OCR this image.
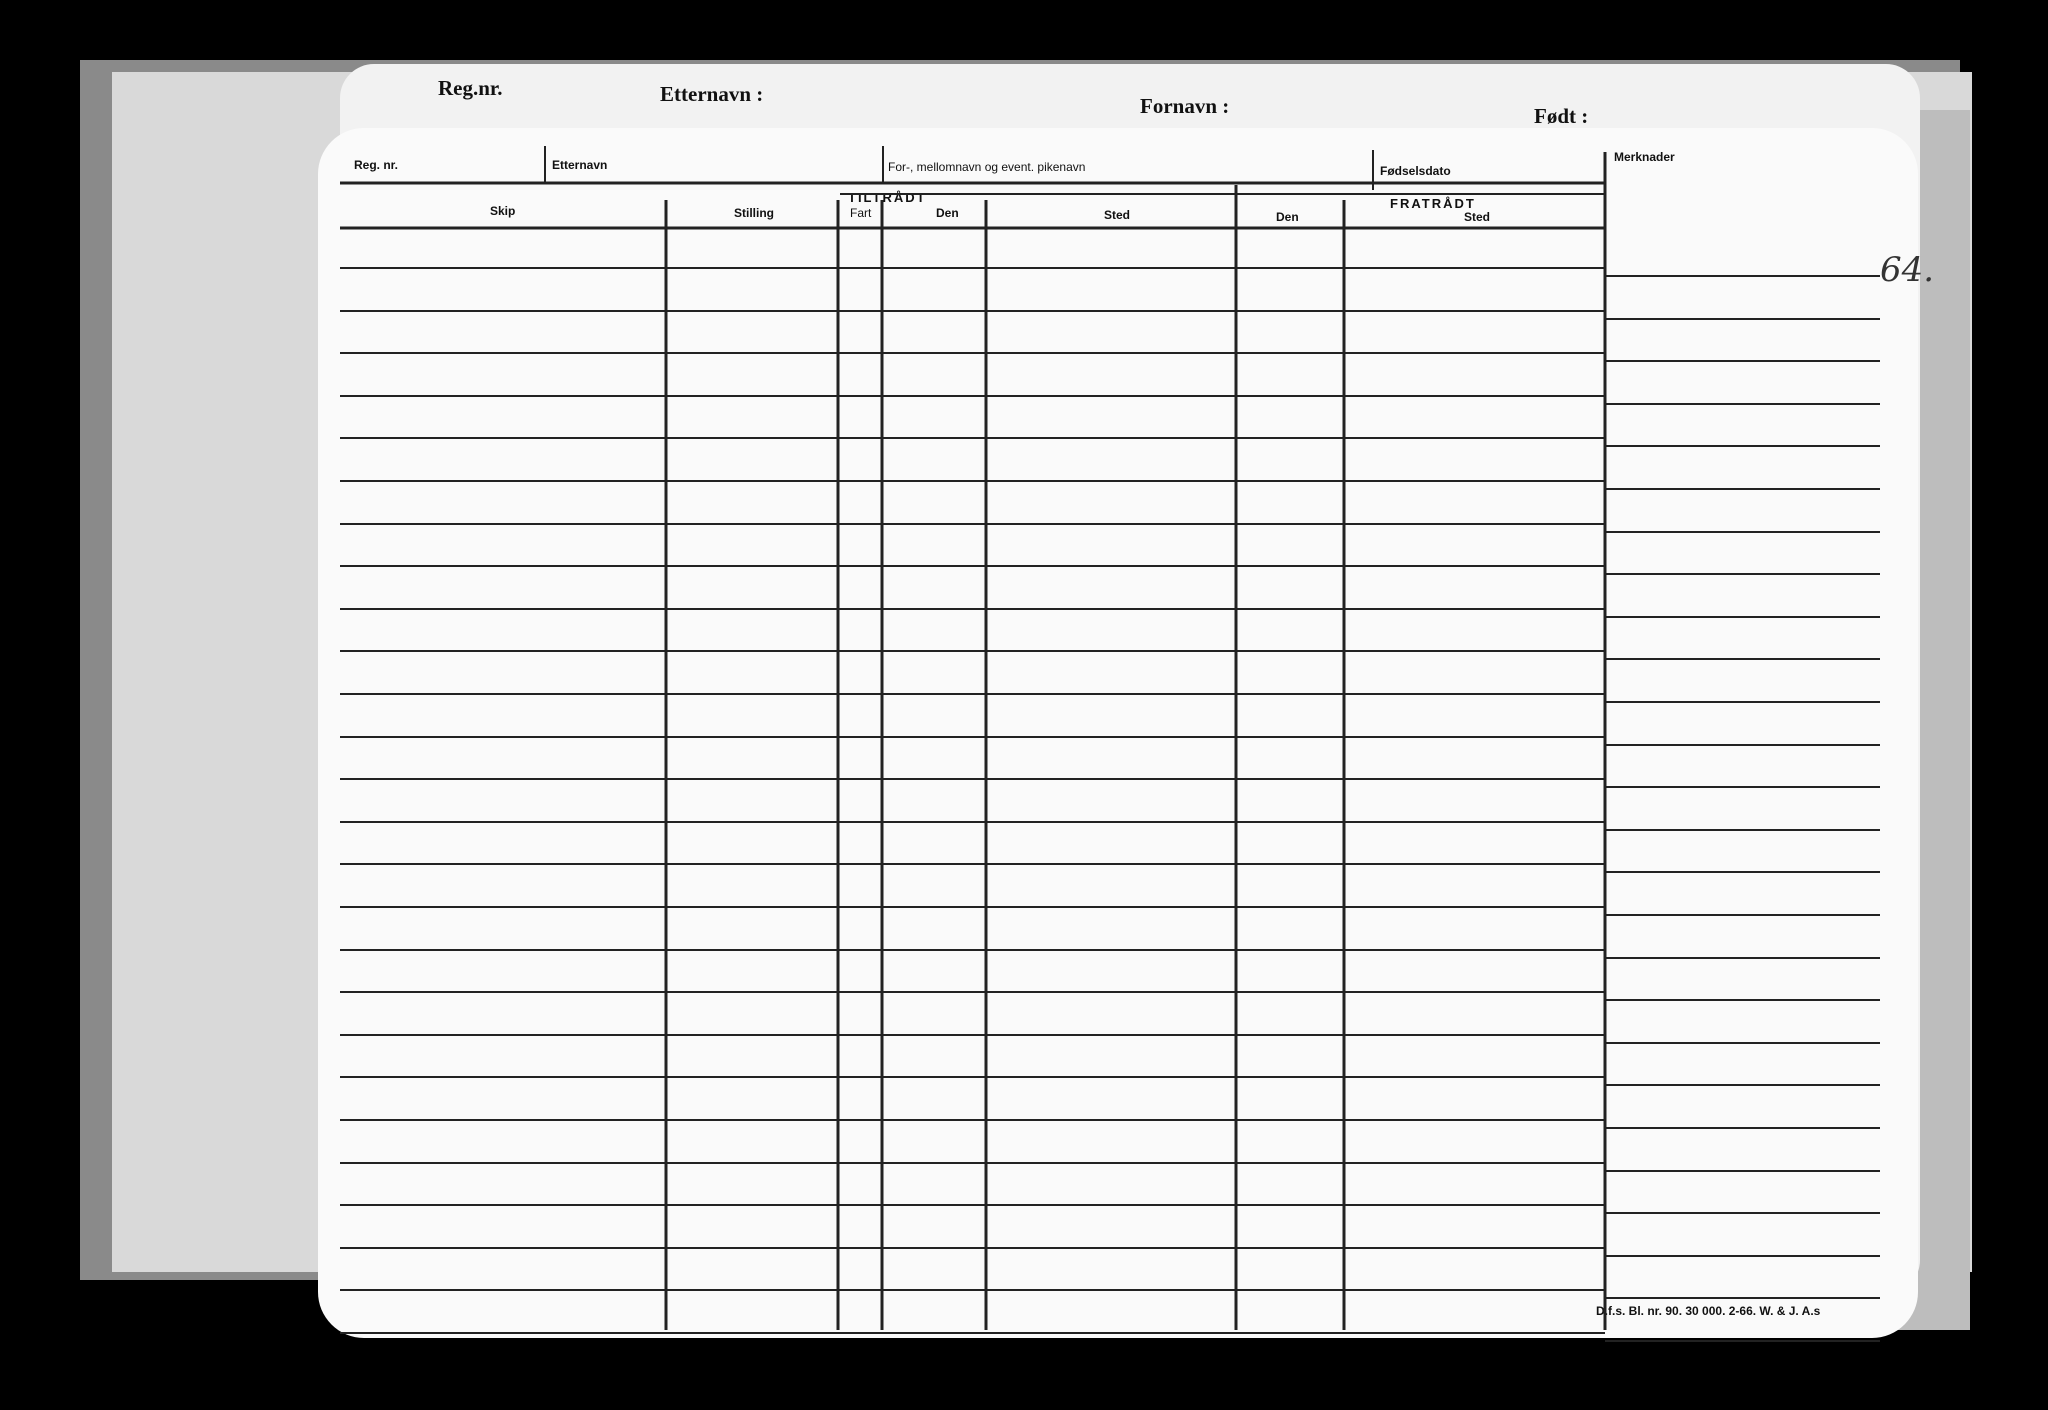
Reg.nr.	Etternavn :	Fornavn :	Født :
Reg. nr.	Etternavn	For-, mellomnavn og event. pikenavn	Fødselsdato
Merknader
TILTRÅDT	FRATRÅDT
Skip	Stilling	Fart	Den	Sted	Den	Sted
D.f.s. Bl. nr. 90. 30 000. 2-66. W. & J. A.s
64.
